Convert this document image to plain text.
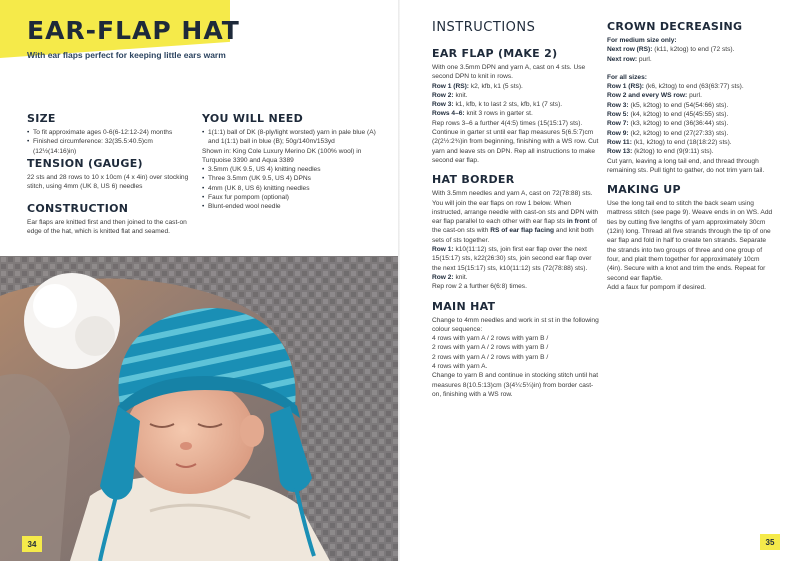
EAR-FLAP HAT
With ear flaps perfect for keeping little ears warm
SIZE
• To fit approximate ages 0-6(6-12:12-24) months
• Finished circumference: 32(35.5:40.5)cm (12½(14:16)in)
TENSION (GAUGE)
22 sts and 28 rows to 10 x 10cm (4 x 4in) over stocking stitch, using 4mm (UK 8, US 6) needles
CONSTRUCTION
Ear flaps are knitted first and then joined to the cast-on edge of the hat, which is knitted flat and seamed.
YOU WILL NEED
• 1(1:1) ball of DK (8-ply/light worsted) yarn in pale blue (A) and 1(1:1) ball in blue (B); 50g/140m/153yd
Shown in: King Cole Luxury Merino DK (100% wool) in Turquoise 3390 and Aqua 3389
• 3.5mm (UK 9.5, US 4) knitting needles
• Three 3.5mm (UK 9.5, US 4) DPNs
• 4mm (UK 8, US 6) knitting needles
• Faux fur pompom (optional)
• Blunt-ended wool needle
34
INSTRUCTIONS
EAR FLAP (MAKE 2)
With one 3.5mm DPN and yarn A, cast on 4 sts. Use second DPN to knit in rows.
Row 1 (RS): k2, kfb, k1 (5 sts).
Row 2: knit.
Row 3: k1, kfb, k to last 2 sts, kfb, k1 (7 sts).
Rows 4–6: knit 3 rows in garter st.
Rep rows 3–6 a further 4(4:5) times (15(15:17) sts).
Continue in garter st until ear flap measures 5(6.5:7)cm (2(2½:2¾)in from beginning, finishing with a WS row. Cut yarn and leave sts on DPN. Rep all instructions to make second ear flap.
HAT BORDER
With 3.5mm needles and yarn A, cast on 72(78:88) sts. You will join the ear flaps on row 1 below. When instructed, arrange needle with cast-on sts and DPN with ear flap parallel to each other with ear flap sts in front of the cast-on sts with RS of ear flap facing and knit both sets of sts together.
Row 1: k10(11:12) sts, join first ear flap over the next 15(15:17) sts, k22(26:30) sts, join second ear flap over the next 15(15:17) sts, k10(11:12) sts (72(78:88) sts).
Row 2: knit.
Rep row 2 a further 6(6:8) times.
MAIN HAT
Change to 4mm needles and work in st st in the following colour sequence:
4 rows with yarn A / 2 rows with yarn B /
2 rows with yarn A / 2 rows with yarn B /
2 rows with yarn A / 2 rows with yarn B /
4 rows with yarn A.
Change to yarn B and continue in stocking stitch until hat measures 8(10.5:13)cm (3(4¼:5¼)in) from border cast-on, finishing with a WS row.
CROWN DECREASING
For medium size only:
Next row (RS): (k11, k2tog) to end (72 sts).
Next row: purl.
For all sizes:
Row 1 (RS): (k6, k2tog) to end (63(63:77) sts).
Row 2 and every WS row: purl.
Row 3: (k5, k2tog) to end (54(54:66) sts).
Row 5: (k4, k2tog) to end (45(45:55) sts).
Row 7: (k3, k2tog) to end (36(36:44) sts).
Row 9: (k2, k2tog) to end (27(27:33) sts).
Row 11: (k1, k2tog) to end (18(18:22) sts).
Row 13: (k2tog) to end (9(9:11) sts).
Cut yarn, leaving a long tail end, and thread through remaining sts. Pull tight to gather, do not trim yarn tail.
MAKING UP
Use the long tail end to stitch the back seam using mattress stitch (see page 9). Weave ends in on WS. Add ties by cutting five lengths of yarn approximately 30cm (12in) long. Thread all five strands through the tip of one ear flap and fold in half to create ten strands. Separate the strands into two groups of three and one group of four, and plait them together for approximately 10cm (4in). Secure with a knot and trim the ends. Repeat for second ear flap/tie.
Add a faux fur pompom if desired.
35
